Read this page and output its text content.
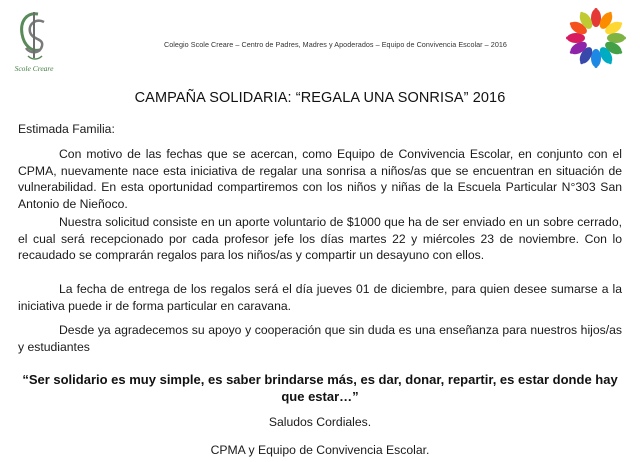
Scole Creare
Colegio Scole Creare – Centro de Padres, Madres y Apoderados – Equipo de Convivencia Escolar – 2016
CAMPAÑA SOLIDARIA: “REGALA UNA SONRISA” 2016
Estimada Familia:

Con motivo de las fechas que se acercan, como Equipo de Convivencia Escolar, en conjunto con el CPMA, nuevamente nace esta iniciativa de regalar una sonrisa a niños/as que se encuentran en situación de vulnerabilidad. En esta oportunidad compartiremos con los niños y niñas de la Escuela Particular N°303 San Antonio de Nieñoco.

Nuestra solicitud consiste en un aporte voluntario de $1000 que ha de ser enviado en un sobre cerrado, el cual será recepcionado por cada profesor jefe los días martes 22 y miércoles 23 de noviembre. Con lo recaudado se comprarán regalos para los niños/as y compartir un desayuno con ellos.

La fecha de entrega de los regalos será el día jueves 01 de diciembre, para quien desee sumarse a la iniciativa puede ir de forma particular en caravana.

Desde ya agradecemos su apoyo y cooperación que sin duda es una enseñanza para nuestros hijos/as y estudiantes

“Ser solidario es muy simple, es saber brindarse más, es dar, donar, repartir, es estar donde hay que estar…”
Saludos Cordiales.
CPMA y Equipo de Convivencia Escolar.
